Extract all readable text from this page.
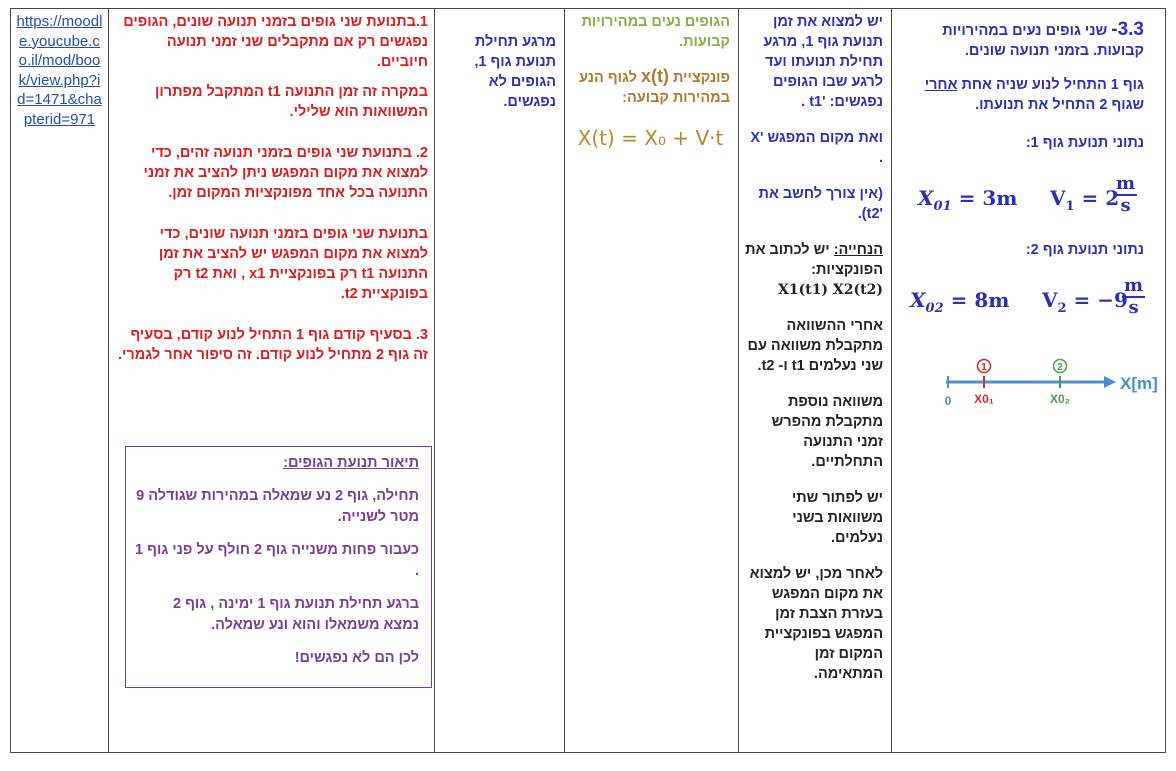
https://moodle.youcube.co.il/mod/book/view.php?id=1471&chapterid=971

1.בתנועת שני גופים בזמני תנועה שונים, הגופים נפגשים רק אם מתקבלים שני זמני תנועה חיוביים.

במקרה זה זמן התנועה t1 המתקבל מפתרון המשוואות הוא שלילי.

2. בתנועת שני גופים בזמני תנועה זהים, כדי למצוא את מקום המפגש ניתן להציב את זמני התנועה בכל אחד מפונקציות המקום זמן.

בתנועת שני גופים בזמני תנועה שונים, כדי למצוא את מקום המפגש יש להציב את זמן התנועה t1 רק בפונקציית x1 , ואת t2 רק בפונקציית t2.

3. בסעיף קודם גוף 1 התחיל לנוע קודם, בסעיף זה גוף 2 מתחיל לנוע קודם. זה סיפור אחר לגמרי.

תיאור תנועת הגופים:

תחילה, גוף 2 נע שמאלה במהירות שגודלה 9 מטר לשנייה.

כעבור פחות משנייה גוף 2 חולף על פני גוף 1 .

ברגע תחילת תנועת גוף 1 ימינה , גוף 2 נמצא משמאלו והוא ונע שמאלה.

לכן הם לא נפגשים!

מרגע תחילת תנועת גוף 1, הגופים לא נפגשים.

הגופים נעים במהירויות קבועות.

פונקציית x(t) לגוף הנע במהירות קבועה:

X(t) = X₀ + V·t

יש למצוא את זמן תנועת גוף 1, מרגע תחילת תנועתו ועד לרגע שבו הגופים נפגשים: 't1 .

ואת מקום המפגש 'X .

(אין צורך לחשב את 't2).

הנחייה: יש לכתוב את הפונקציות:

X1(t1) X2(t2)

אחרי ההשוואה מתקבלת משוואה עם שני נעלמים t1 ו- t2.

משוואה נוספת מתקבלת מהפרש זמני התנועה התחלתיים.

יש לפתור שתי משוואות בשני נעלמים.

לאחר מכן, יש למצוא את מקום המפגש בעזרת הצבת זמן המפגש בפונקציית המקום זמן המתאימה.

3.3- שני גופים נעים במהירויות קבועות. בזמני תנועה שונים.

גוף 1 התחיל לנוע שניה אחת אחרי שגוף 2 התחיל את תנועתו.

נתוני תנועת גוף 1:

$X_{01} = 3m$ $V_1 = 2$
$\frac{m}{s}$
נתוני תנועת גוף 2:
$X_{02} = 8m$ $V_2 = -9$
$\frac{m}{s}$
1	2
0 X0₁	X0₂
X[m]
